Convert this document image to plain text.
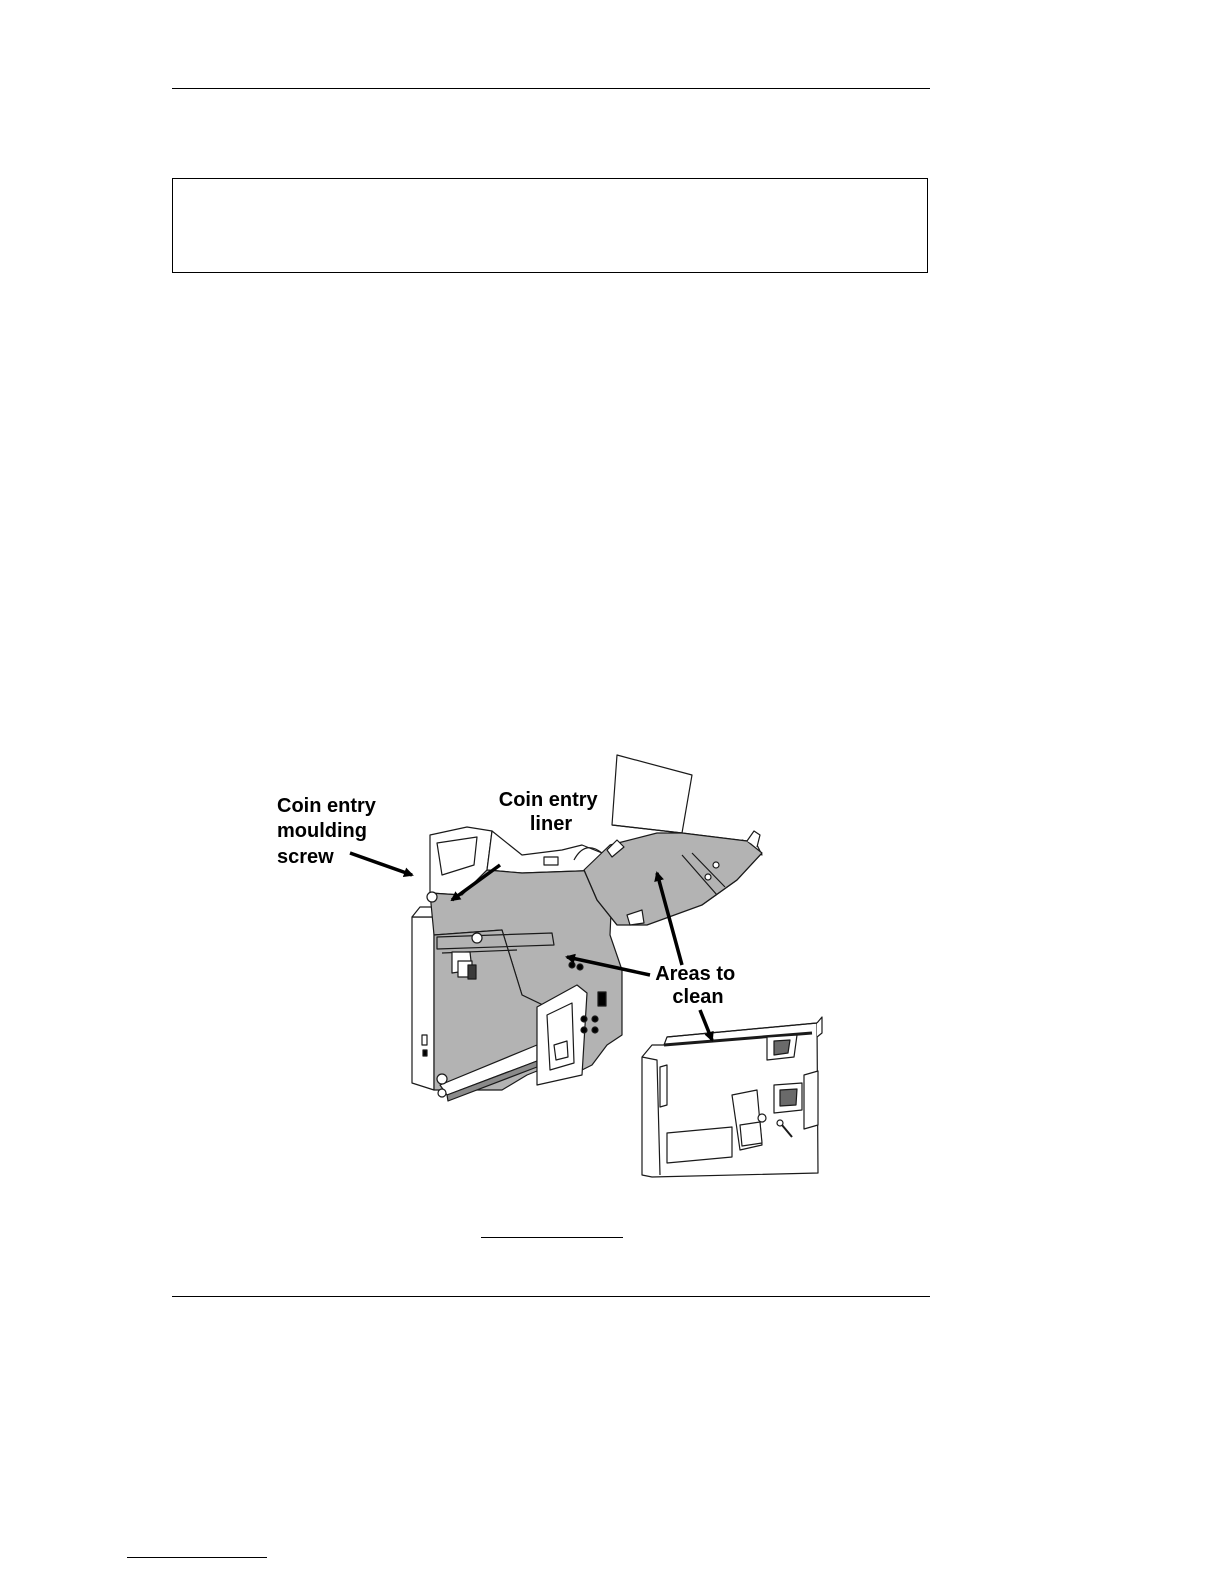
Coin entry moulding screw
Coin entry liner
Areas to clean
